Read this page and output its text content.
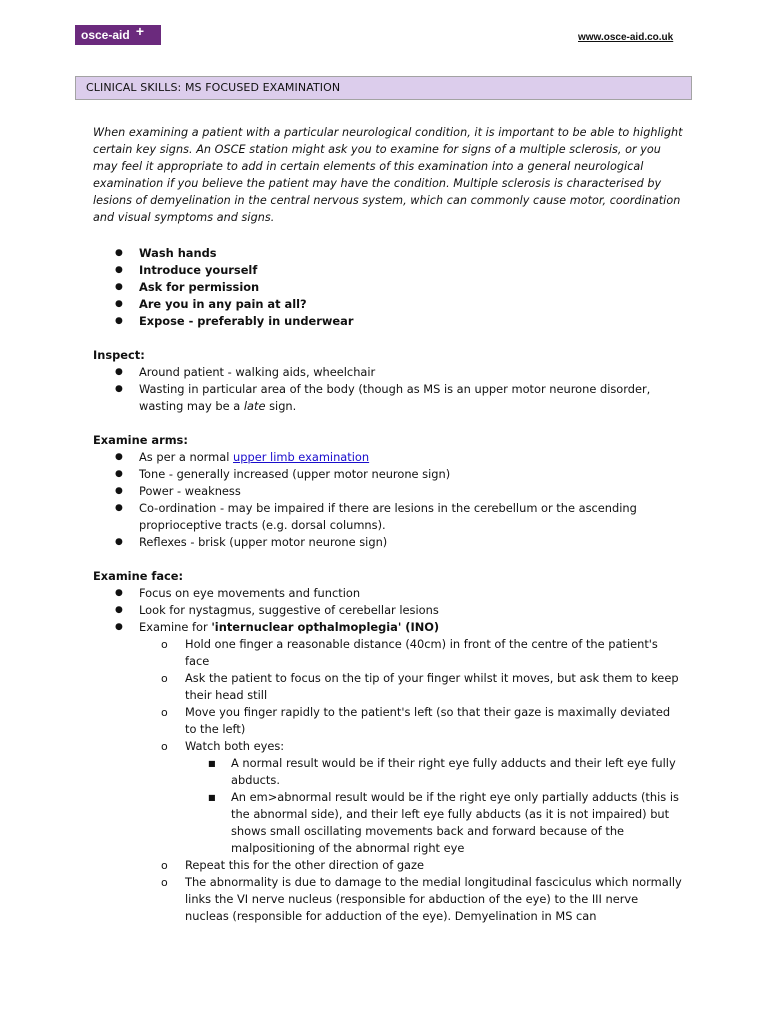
osce-aid +	www.osce-aid.co.uk
CLINICAL SKILLS: MS FOCUSED EXAMINATION

When examining a patient with a particular neurological condition, it is important to be able to highlight certain key signs. An OSCE station might ask you to examine for signs of a multiple sclerosis, or you may feel it appropriate to add in certain elements of this examination into a general neurological examination if you believe the patient may have the condition. Multiple sclerosis is characterised by lesions of demyelination in the central nervous system, which can commonly cause motor, coordination and visual symptoms and signs.

● Wash hands
● Introduce yourself
● Ask for permission
● Are you in any pain at all?
● Expose - preferably in underwear
Inspect:
● Around patient - walking aids, wheelchair
● Wasting in particular area of the body (though as MS is an upper motor neurone disorder, wasting may be a late sign.
Examine arms:
● As per a normal upper limb examination
● Tone - generally increased (upper motor neurone sign)
● Power - weakness
● Co-ordination - may be impaired if there are lesions in the cerebellum or the ascending proprioceptive tracts (e.g. dorsal columns).
● Reflexes - brisk (upper motor neurone sign)
Examine face:
● Focus on eye movements and function
● Look for nystagmus, suggestive of cerebellar lesions
● Examine for 'internuclear opthalmoplegia' (INO)
o Hold one finger a reasonable distance (40cm) in front of the centre of the patient's face
o Ask the patient to focus on the tip of your finger whilst it moves, but ask them to keep their head still
o Move you finger rapidly to the patient's left (so that their gaze is maximally deviated to the left)
o Watch both eyes:
■ A normal result would be if their right eye fully adducts and their left eye fully abducts.
■ An em>abnormal result would be if the right eye only partially adducts (this is the abnormal side), and their left eye fully abducts (as it is not impaired) but shows small oscillating movements back and forward because of the malpositioning of the abnormal right eye
o Repeat this for the other direction of gaze
o The abnormality is due to damage to the medial longitudinal fasciculus which normally links the VI nerve nucleus (responsible for abduction of the eye) to the III nerve nucleas (responsible for adduction of the eye). Demyelination in MS can
